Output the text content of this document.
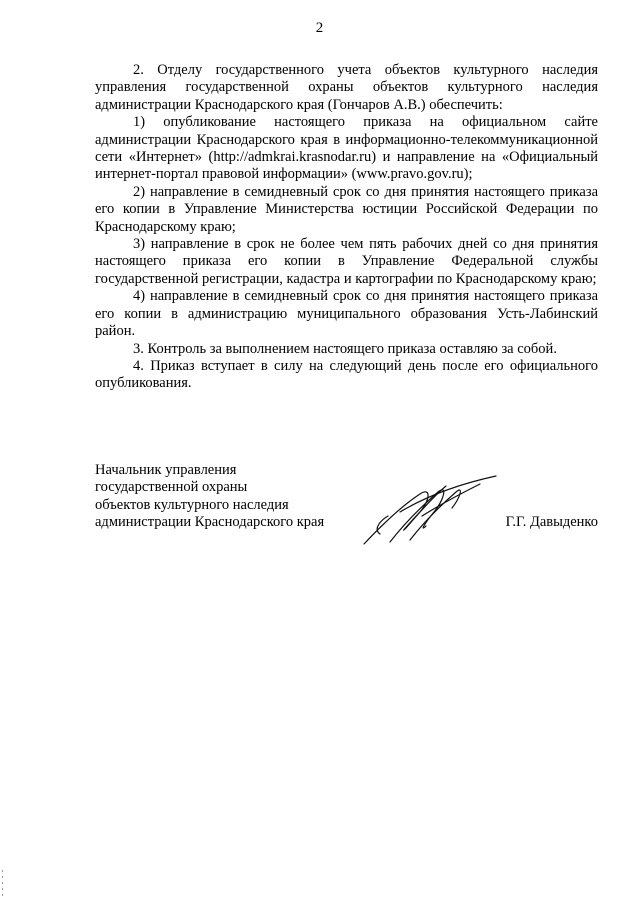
2

2. Отделу государственного учета объектов культурного наследия управления государственной охраны объектов культурного наследия администрации Краснодарского края (Гончаров А.В.) обеспечить:

1) опубликование настоящего приказа на официальном сайте администрации Краснодарского края в информационно-телекоммуникационной сети «Интернет» (http://admkrai.krasnodar.ru) и направление на «Официальный интернет-портал правовой информации» (www.pravo.gov.ru);

2) направление в семидневный срок со дня принятия настоящего приказа его копии в Управление Министерства юстиции Российской Федерации по Краснодарскому краю;

3) направление в срок не более чем пять рабочих дней со дня принятия настоящего приказа его копии в Управление Федеральной службы государственной регистрации, кадастра и картографии по Краснодарскому краю;

4) направление в семидневный срок со дня принятия настоящего приказа его копии в администрацию муниципального образования Усть-Лабинский район.

3. Контроль за выполнением настоящего приказа оставляю за собой.

4. Приказ вступает в силу на следующий день после его официального опубликования.

Начальник управления
государственной охраны
объектов культурного наследия
администрации Краснодарского края	Г.Г. Давыденко
